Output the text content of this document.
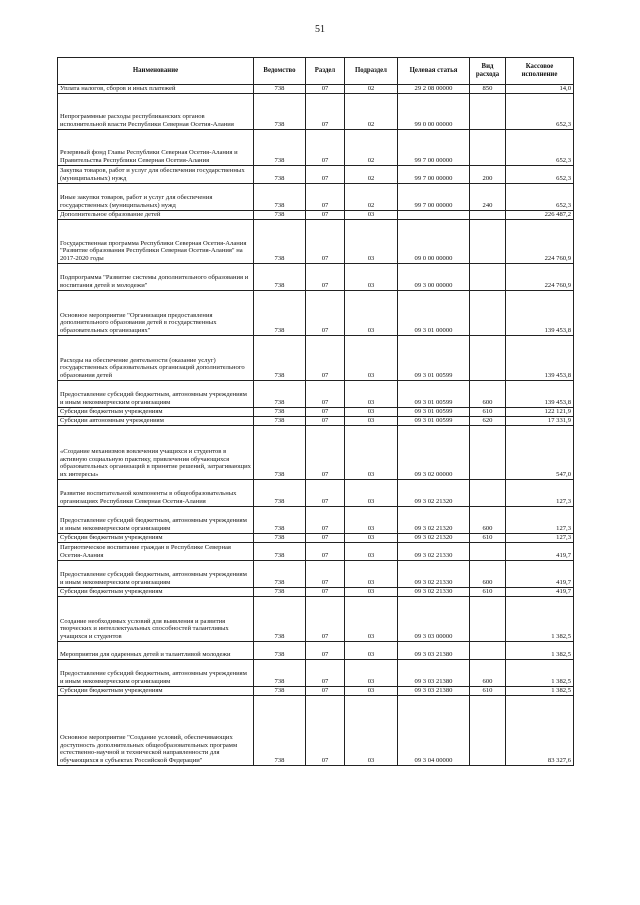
51
Наименование	Ведомство	Раздел	Подраздел	Целевая статья	Вид расхода	Кассовое исполнение
Уплата налогов, сборов и иных платежей	738	07	02	29 2 08 00000	850	14,0
Непрограммные расходы республиканских органов исполнительной власти Республики Северная Осетия-Алания	738	07	02	99 0 00 00000		652,3
Резервный фонд Главы Республики Северная Осетия-Алания и Правительства Республики Северная Осетия-Алания	738	07	02	99 7 00 00000		652,3
Закупка товаров, работ и услуг для обеспечения государственных (муниципальных) нужд	738	07	02	99 7 00 00000	200	652,3
Иные закупки товаров, работ и услуг для обеспечения государственных (муниципальных) нужд	738	07	02	99 7 00 00000	240	652,3
Дополнительное образование детей	738	07	03			226 487,2
Государственная программа Республики Северная Осетия-Алания "Развитие образования Республики Северная Осетия-Алания" на 2017-2020 годы	738	07	03	09 0 00 00000		224 760,9
Подпрограмма "Развитие системы дополнительного образования и воспитания детей и молодежи"	738	07	03	09 3 00 00000		224 760,9
Основное мероприятие "Организация предоставления дополнительного образования детей в государственных образовательных организациях"	738	07	03	09 3 01 00000		139 453,8
Расходы на обеспечение деятельности (оказание услуг) государственных образовательных организаций дополнительного образования детей	738	07	03	09 3 01 00599		139 453,8
Предоставление субсидий бюджетным, автономным учреждениям и иным некоммерческим организациям	738	07	03	09 3 01 00599	600	139 453,8
Субсидии бюджетным учреждениям	738	07	03	09 3 01 00599	610	122 121,9
Субсидии автономным учреждениям	738	07	03	09 3 01 00599	620	17 331,9
«Создание механизмов вовлечения учащихся и студентов в активную социальную практику, привлечения обучающихся образовательных организаций в принятие решений, затрагивающих их интересы»	738	07	03	09 3 02 00000		547,0
Развитие воспитательной компоненты в общеобразовательных организациях Республики Северная Осетия-Алания	738	07	03	09 3 02 21320		127,3
Предоставление субсидий бюджетным, автономным учреждениям и иным некоммерческим организациям	738	07	03	09 3 02 21320	600	127,3
Субсидии бюджетным учреждениям	738	07	03	09 3 02 21320	610	127,3
Патриотическое воспитание граждан в Республике Северная Осетия-Алания	738	07	03	09 3 02 21330		419,7
Предоставление субсидий бюджетным, автономным учреждениям и иным некоммерческим организациям	738	07	03	09 3 02 21330	600	419,7
Субсидии бюджетным учреждениям	738	07	03	09 3 02 21330	610	419,7
Создание необходимых условий для выявления и развития творческих и интеллектуальных способностей талантливых учащихся и студентов	738	07	03	09 3 03 00000		1 382,5
Мероприятия для одаренных детей и талантливой молодежи	738	07	03	09 3 03 21380		1 382,5
Предоставление субсидий бюджетным, автономным учреждениям и иным некоммерческим организациям	738	07	03	09 3 03 21380	600	1 382,5
Субсидии бюджетным учреждениям	738	07	03	09 3 03 21380	610	1 382,5
Основное мероприятие "Создание условий, обеспечивающих доступность дополнительных общеобразовательных программ естественно-научной и технической направленности для обучающихся в субъектах Российской Федерации"	738	07	03	09 3 04 00000		83 327,6
